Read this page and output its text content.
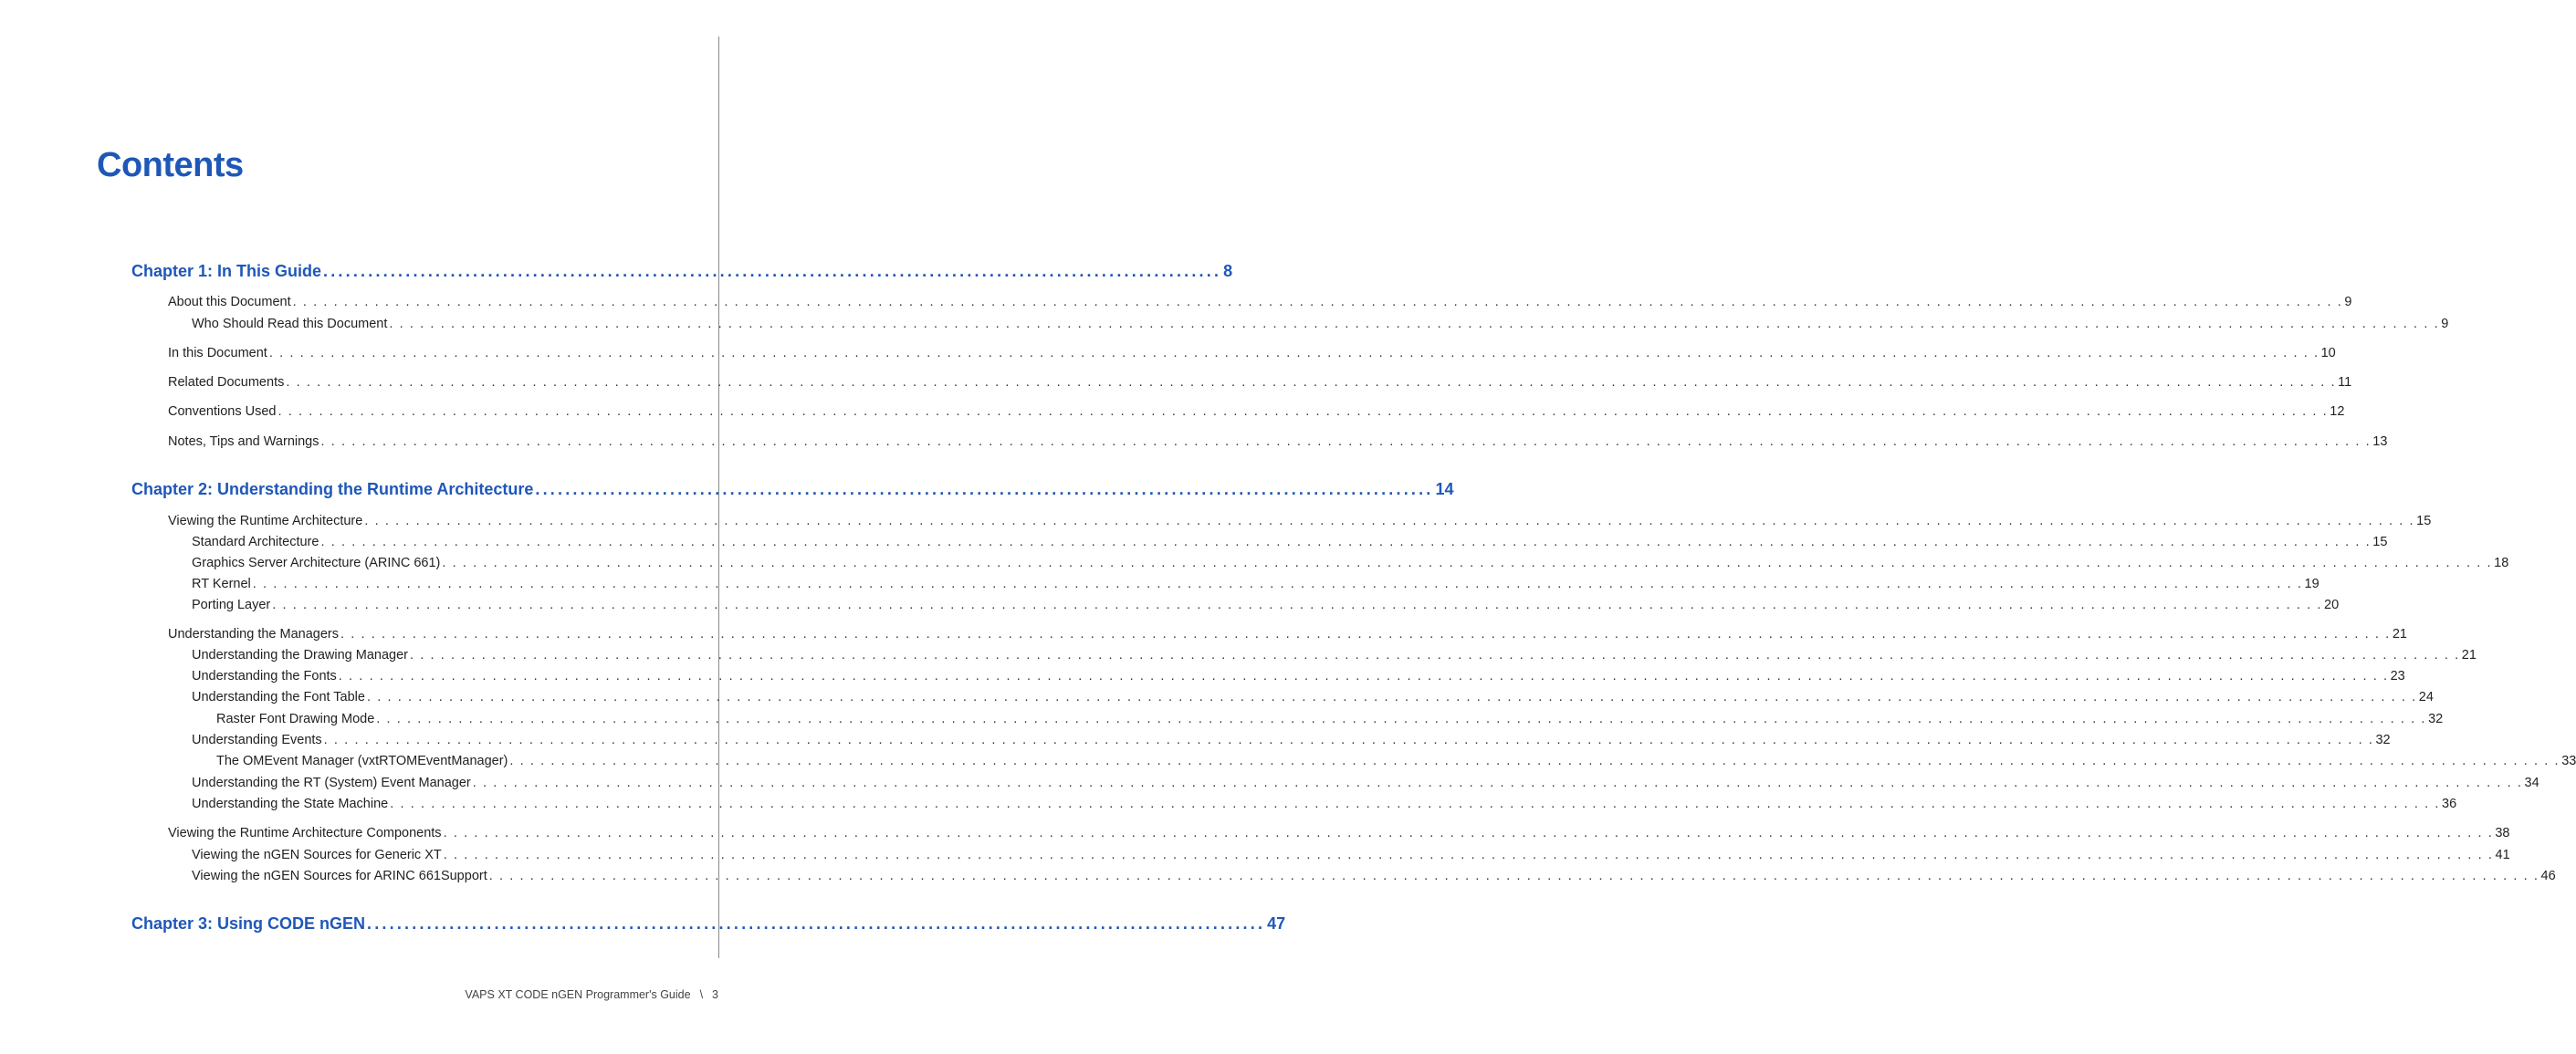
Contents
Chapter 1: In This Guide ........................................................................................................................ 8
About this Document . . . . . . . . . . . . . . . . . . . . . . . . . . . . . . . . . . . . . . . . . . . . . . . . . . . . . . . . . . . . . . . . . . . . . . . . . . . . . . . . . . . . . . . . . . . . . . . . . . . . . . . . . . . . . . . . . . . . . . . . . . . . . . . . . . . . . . . . . . . . . . . . . . . . . . . . . . . . . . . . . . . . . . . . . . . . . . . . . . . . . . . . . . . . . . . . . . . . . . . . 9
Who Should Read this Document . . . . . . . . . . . . . . . . . . . . . . . . . . . . . . . . . . . . . . . . . . . . . . . . . . . . . . . . . . . . . . . . . . . . . . . . . . . . . . . . . . . . . . . . . . . . . . . . . . . . . . . . . . . . . . . . . . . . . . . . . . . . . . . . . . . . . . . . . . . . . . . . . . . . . . . . . . . . . . . . . . . . . . . . . . . . . . . . . . . . . . . . . . . . . . . . . . . . . . . . 9
In this Document . . . . . . . . . . . . . . . . . . . . . . . . . . . . . . . . . . . . . . . . . . . . . . . . . . . . . . . . . . . . . . . . . . . . . . . . . . . . . . . . . . . . . . . . . . . . . . . . . . . . . . . . . . . . . . . . . . . . . . . . . . . . . . . . . . . . . . . . . . . . . . . . . . . . . . . . . . . . . . . . . . . . . . . . . . . . . . . . . . . . . . . . . . . . . . . . . . . . . . . . 10
Related Documents . . . . . . . . . . . . . . . . . . . . . . . . . . . . . . . . . . . . . . . . . . . . . . . . . . . . . . . . . . . . . . . . . . . . . . . . . . . . . . . . . . . . . . . . . . . . . . . . . . . . . . . . . . . . . . . . . . . . . . . . . . . . . . . . . . . . . . . . . . . . . . . . . . . . . . . . . . . . . . . . . . . . . . . . . . . . . . . . . . . . . . . . . . . . . . . . . . . . . . . . 11
Conventions Used . . . . . . . . . . . . . . . . . . . . . . . . . . . . . . . . . . . . . . . . . . . . . . . . . . . . . . . . . . . . . . . . . . . . . . . . . . . . . . . . . . . . . . . . . . . . . . . . . . . . . . . . . . . . . . . . . . . . . . . . . . . . . . . . . . . . . . . . . . . . . . . . . . . . . . . . . . . . . . . . . . . . . . . . . . . . . . . . . . . . . . . . . . . . . . . . . . . . . . . . 12
Notes, Tips and Warnings . . . . . . . . . . . . . . . . . . . . . . . . . . . . . . . . . . . . . . . . . . . . . . . . . . . . . . . . . . . . . . . . . . . . . . . . . . . . . . . . . . . . . . . . . . . . . . . . . . . . . . . . . . . . . . . . . . . . . . . . . . . . . . . . . . . . . . . . . . . . . . . . . . . . . . . . . . . . . . . . . . . . . . . . . . . . . . . . . . . . . . . . . . . . . . . . . . . . . . . . 13
Chapter 2: Understanding the Runtime Architecture ........................................................................................................................ 14
Viewing the Runtime Architecture . . . . . . . . . . . . . . . . . . . . . . . . . . . . . . . . . . . . . . . . . . . . . . . . . . . . . . . . . . . . . . . . . . . . . . . . . . . . . . . . . . . . . . . . . . . . . . . . . . . . . . . . . . . . . . . . . . . . . . . . . . . . . . . . . . . . . . . . . . . . . . . . . . . . . . . . . . . . . . . . . . . . . . . . . . . . . . . . . . . . . . . . . . . . . . . . . . . . . . . . 15
Standard Architecture . . . . . . . . . . . . . . . . . . . . . . . . . . . . . . . . . . . . . . . . . . . . . . . . . . . . . . . . . . . . . . . . . . . . . . . . . . . . . . . . . . . . . . . . . . . . . . . . . . . . . . . . . . . . . . . . . . . . . . . . . . . . . . . . . . . . . . . . . . . . . . . . . . . . . . . . . . . . . . . . . . . . . . . . . . . . . . . . . . . . . . . . . . . . . . . . . . . . . . . . 15
Graphics Server Architecture (ARINC 661) . . . . . . . . . . . . . . . . . . . . . . . . . . . . . . . . . . . . . . . . . . . . . . . . . . . . . . . . . . . . . . . . . . . . . . . . . . . . . . . . . . . . . . . . . . . . . . . . . . . . . . . . . . . . . . . . . . . . . . . . . . . . . . . . . . . . . . . . . . . . . . . . . . . . . . . . . . . . . . . . . . . . . . . . . . . . . . . . . . . . . . . . . . . . . . . . . . . . . . . . 18
RT Kernel . . . . . . . . . . . . . . . . . . . . . . . . . . . . . . . . . . . . . . . . . . . . . . . . . . . . . . . . . . . . . . . . . . . . . . . . . . . . . . . . . . . . . . . . . . . . . . . . . . . . . . . . . . . . . . . . . . . . . . . . . . . . . . . . . . . . . . . . . . . . . . . . . . . . . . . . . . . . . . . . . . . . . . . . . . . . . . . . . . . . . . . . . . . . . . . . . . . . . . . . 19
Porting Layer . . . . . . . . . . . . . . . . . . . . . . . . . . . . . . . . . . . . . . . . . . . . . . . . . . . . . . . . . . . . . . . . . . . . . . . . . . . . . . . . . . . . . . . . . . . . . . . . . . . . . . . . . . . . . . . . . . . . . . . . . . . . . . . . . . . . . . . . . . . . . . . . . . . . . . . . . . . . . . . . . . . . . . . . . . . . . . . . . . . . . . . . . . . . . . . . . . . . . . . . 20
Understanding the Managers . . . . . . . . . . . . . . . . . . . . . . . . . . . . . . . . . . . . . . . . . . . . . . . . . . . . . . . . . . . . . . . . . . . . . . . . . . . . . . . . . . . . . . . . . . . . . . . . . . . . . . . . . . . . . . . . . . . . . . . . . . . . . . . . . . . . . . . . . . . . . . . . . . . . . . . . . . . . . . . . . . . . . . . . . . . . . . . . . . . . . . . . . . . . . . . . . . . . . . . . 21
Understanding the Drawing Manager . . . . . . . . . . . . . . . . . . . . . . . . . . . . . . . . . . . . . . . . . . . . . . . . . . . . . . . . . . . . . . . . . . . . . . . . . . . . . . . . . . . . . . . . . . . . . . . . . . . . . . . . . . . . . . . . . . . . . . . . . . . . . . . . . . . . . . . . . . . . . . . . . . . . . . . . . . . . . . . . . . . . . . . . . . . . . . . . . . . . . . . . . . . . . . . . . . . . . . . . 21
Understanding the Fonts . . . . . . . . . . . . . . . . . . . . . . . . . . . . . . . . . . . . . . . . . . . . . . . . . . . . . . . . . . . . . . . . . . . . . . . . . . . . . . . . . . . . . . . . . . . . . . . . . . . . . . . . . . . . . . . . . . . . . . . . . . . . . . . . . . . . . . . . . . . . . . . . . . . . . . . . . . . . . . . . . . . . . . . . . . . . . . . . . . . . . . . . . . . . . . . . . . . . . . . . 23
Understanding the Font Table . . . . . . . . . . . . . . . . . . . . . . . . . . . . . . . . . . . . . . . . . . . . . . . . . . . . . . . . . . . . . . . . . . . . . . . . . . . . . . . . . . . . . . . . . . . . . . . . . . . . . . . . . . . . . . . . . . . . . . . . . . . . . . . . . . . . . . . . . . . . . . . . . . . . . . . . . . . . . . . . . . . . . . . . . . . . . . . . . . . . . . . . . . . . . . . . . . . . . . . . 24
Raster Font Drawing Mode . . . . . . . . . . . . . . . . . . . . . . . . . . . . . . . . . . . . . . . . . . . . . . . . . . . . . . . . . . . . . . . . . . . . . . . . . . . . . . . . . . . . . . . . . . . . . . . . . . . . . . . . . . . . . . . . . . . . . . . . . . . . . . . . . . . . . . . . . . . . . . . . . . . . . . . . . . . . . . . . . . . . . . . . . . . . . . . . . . . . . . . . . . . . . . . . . . . . . . . . 32
Understanding Events . . . . . . . . . . . . . . . . . . . . . . . . . . . . . . . . . . . . . . . . . . . . . . . . . . . . . . . . . . . . . . . . . . . . . . . . . . . . . . . . . . . . . . . . . . . . . . . . . . . . . . . . . . . . . . . . . . . . . . . . . . . . . . . . . . . . . . . . . . . . . . . . . . . . . . . . . . . . . . . . . . . . . . . . . . . . . . . . . . . . . . . . . . . . . . . . . . . . . . . . 32
The OMEvent Manager (vxtRTOMEventManager) . . . . . . . . . . . . . . . . . . . . . . . . . . . . . . . . . . . . . . . . . . . . . . . . . . . . . . . . . . . . . . . . . . . . . . . . . . . . . . . . . . . . . . . . . . . . . . . . . . . . . . . . . . . . . . . . . . . . . . . . . . . . . . . . . . . . . . . . . . . . . . . . . . . . . . . . . . . . . . . . . . . . . . . . . . . . . . . . . . . . . . . . . . . . . . . . . . . . . . . . 33
Understanding the RT (System) Event Manager . . . . . . . . . . . . . . . . . . . . . . . . . . . . . . . . . . . . . . . . . . . . . . . . . . . . . . . . . . . . . . . . . . . . . . . . . . . . . . . . . . . . . . . . . . . . . . . . . . . . . . . . . . . . . . . . . . . . . . . . . . . . . . . . . . . . . . . . . . . . . . . . . . . . . . . . . . . . . . . . . . . . . . . . . . . . . . . . . . . . . . . . . . . . . . . . . . . . . . . . 34
Understanding the State Machine . . . . . . . . . . . . . . . . . . . . . . . . . . . . . . . . . . . . . . . . . . . . . . . . . . . . . . . . . . . . . . . . . . . . . . . . . . . . . . . . . . . . . . . . . . . . . . . . . . . . . . . . . . . . . . . . . . . . . . . . . . . . . . . . . . . . . . . . . . . . . . . . . . . . . . . . . . . . . . . . . . . . . . . . . . . . . . . . . . . . . . . . . . . . . . . . . . . . . . . . 36
Viewing the Runtime Architecture Components . . . . . . . . . . . . . . . . . . . . . . . . . . . . . . . . . . . . . . . . . . . . . . . . . . . . . . . . . . . . . . . . . . . . . . . . . . . . . . . . . . . . . . . . . . . . . . . . . . . . . . . . . . . . . . . . . . . . . . . . . . . . . . . . . . . . . . . . . . . . . . . . . . . . . . . . . . . . . . . . . . . . . . . . . . . . . . . . . . . . . . . . . . . . . . . . . . . . . . . . 38
Viewing the nGEN Sources for Generic XT . . . . . . . . . . . . . . . . . . . . . . . . . . . . . . . . . . . . . . . . . . . . . . . . . . . . . . . . . . . . . . . . . . . . . . . . . . . . . . . . . . . . . . . . . . . . . . . . . . . . . . . . . . . . . . . . . . . . . . . . . . . . . . . . . . . . . . . . . . . . . . . . . . . . . . . . . . . . . . . . . . . . . . . . . . . . . . . . . . . . . . . . . . . . . . . . . . . . . . . . 41
Viewing the nGEN Sources for ARINC 661Support . . . . . . . . . . . . . . . . . . . . . . . . . . . . . . . . . . . . . . . . . . . . . . . . . . . . . . . . . . . . . . . . . . . . . . . . . . . . . . . . . . . . . . . . . . . . . . . . . . . . . . . . . . . . . . . . . . . . . . . . . . . . . . . . . . . . . . . . . . . . . . . . . . . . . . . . . . . . . . . . . . . . . . . . . . . . . . . . . . . . . . . . . . . . . . . . . . . . . . . . 46
Chapter 3: Using CODE nGEN ........................................................................................................................ 47
VAPS XT CODE nGEN Programmer's Guide \ 3
